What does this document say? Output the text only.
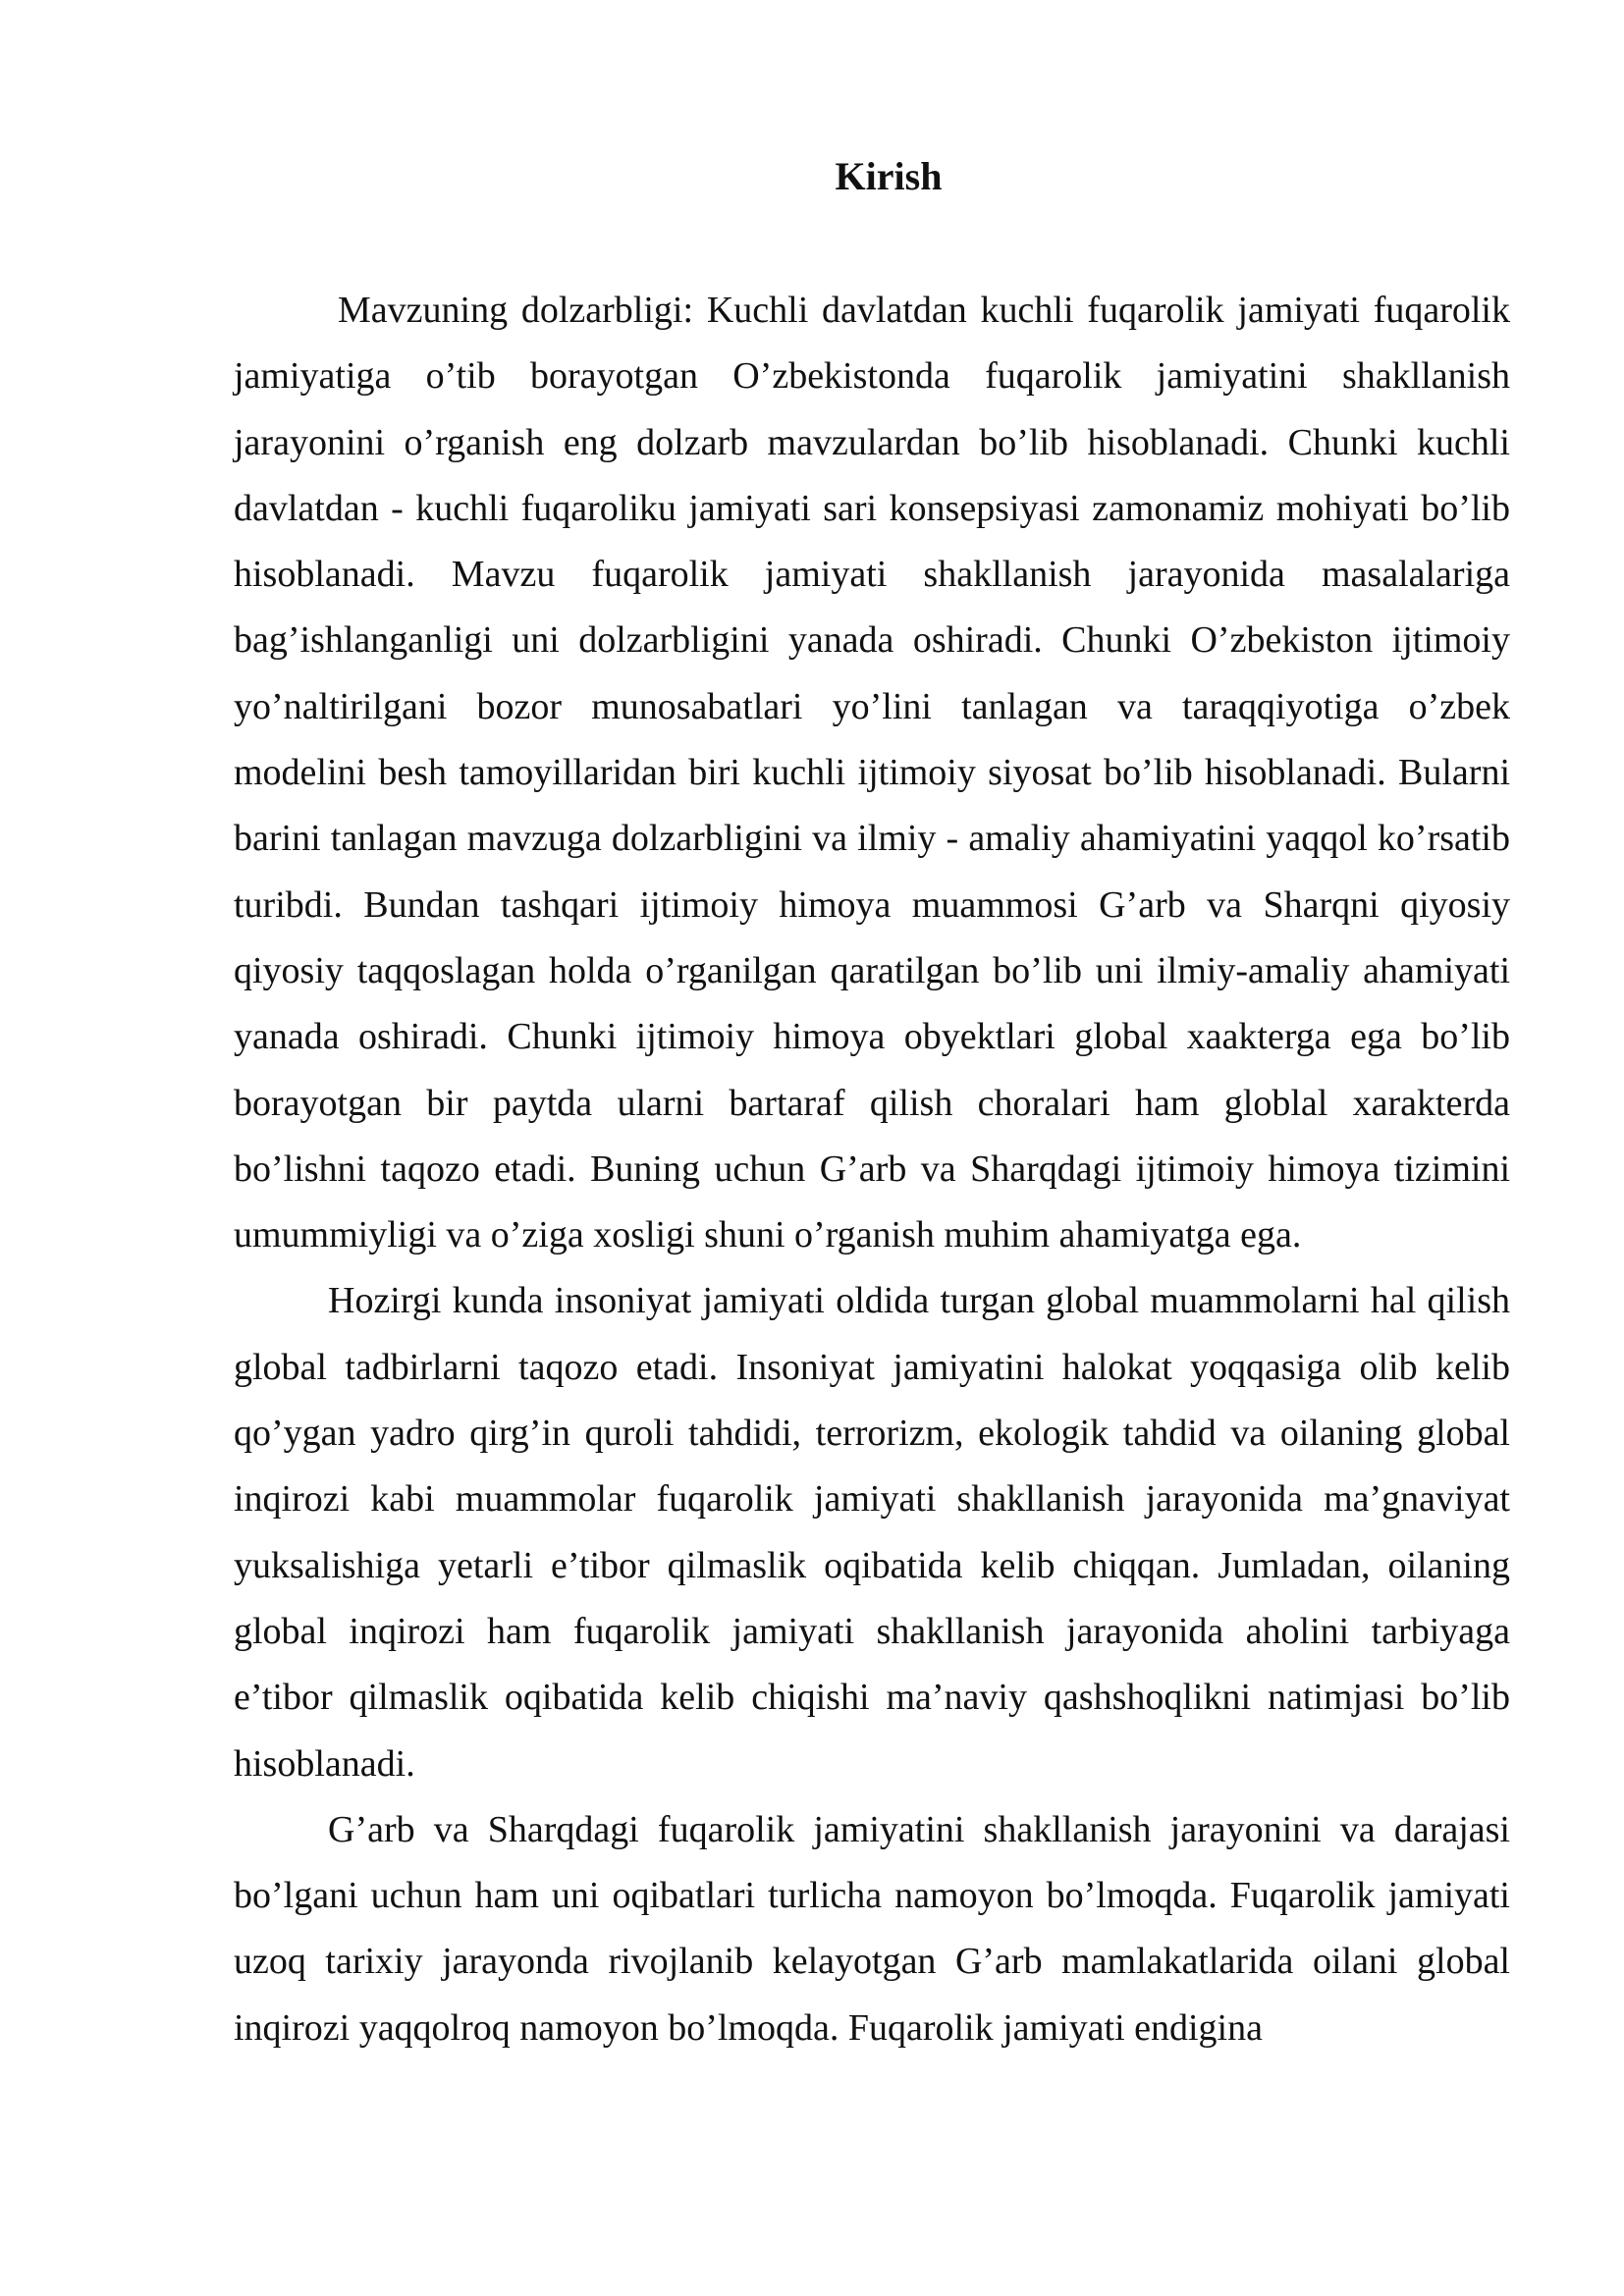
Kirish

Mavzuning dolzarbligi: Kuchli davlatdan kuchli fuqarolik jamiyati fuqarolik jamiyatiga o’tib borayotgan O’zbekistonda fuqarolik jamiyatini shakllanish jarayonini o’rganish eng dolzarb mavzulardan bo’lib hisoblanadi. Chunki kuchli davlatdan - kuchli fuqaroliku jamiyati sari konsepsiyasi zamonamiz mohiyati bo’lib hisoblanadi. Mavzu fuqarolik jamiyati shakllanish jarayonida masalalariga bag’ishlanganligi uni dolzarbligini yanada oshiradi. Chunki O’zbekiston ijtimoiy yo’naltirilgani bozor munosabatlari yo’lini tanlagan va taraqqiyotiga o’zbek modelini besh tamoyillaridan biri kuchli ijtimoiy siyosat bo’lib hisoblanadi. Bularni barini tanlagan mavzuga dolzarbligini va ilmiy - amaliy ahamiyatini yaqqol ko’rsatib turibdi. Bundan tashqari ijtimoiy himoya muammosi G’arb va Sharqni qiyosiy qiyosiy taqqoslagan holda o’rganilgan qaratilgan bo’lib uni ilmiy-amaliy ahamiyati yanada oshiradi. Chunki ijtimoiy himoya obyektlari global xaakterga ega bo’lib borayotgan bir paytda ularni bartaraf qilish choralari ham globlal xarakterda bo’lishni taqozo etadi. Buning uchun G’arb va Sharqdagi ijtimoiy himoya tizimini umummiyligi va o’ziga xosligi shuni o’rganish muhim ahamiyatga ega.

Hozirgi kunda insoniyat jamiyati oldida turgan global muammolarni hal qilish global tadbirlarni taqozo etadi. Insoniyat jamiyatini halokat yoqqasiga olib kelib qo’ygan yadro qirg’in quroli tahdidi, terrorizm, ekologik tahdid va oilaning global inqirozi kabi muammolar fuqarolik jamiyati shakllanish jarayonida ma’gnaviyat yuksalishiga yetarli e’tibor qilmaslik oqibatida kelib chiqqan. Jumladan, oilaning global inqirozi ham fuqarolik jamiyati shakllanish jarayonida aholini tarbiyaga e’tibor qilmaslik oqibatida kelib chiqishi ma’naviy qashshoqlikni natimjasi bo’lib hisoblanadi.

G’arb va Sharqdagi fuqarolik jamiyatini shakllanish jarayonini va darajasi bo’lgani uchun ham uni oqibatlari turlicha namoyon bo’lmoqda. Fuqarolik jamiyati uzoq tarixiy jarayonda rivojlanib kelayotgan G’arb mamlakatlarida oilani global inqirozi yaqqolroq namoyon bo’lmoqda. Fuqarolik jamiyati endigina
